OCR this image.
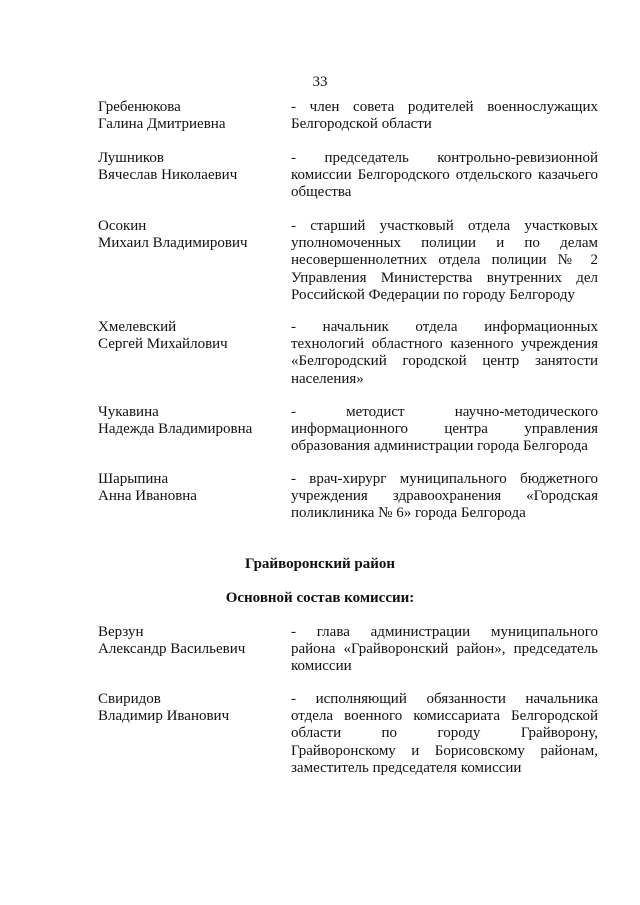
33
Гребенюкова
Галина Дмитриевна
- член совета родителей военнослужащих
Белгородской области
Лушников
Вячеслав Николаевич
- председатель контрольно-ревизионной
комиссии Белгородского отдельского казачьего
общества
Осокин
Михаил Владимирович
- старший участковый отдела участковых
уполномоченных полиции и по делам
несовершеннолетних отдела полиции № 2
Управления Министерства внутренних дел
Российской Федерации по городу Белгороду
Хмелевский
Сергей Михайлович
- начальник отдела информационных
технологий областного казенного учреждения
«Белгородский городской центр занятости
населения»
Чукавина
Надежда Владимировна
- методист научно-методического
информационного центра управления
образования администрации города Белгорода
Шарыпина
Анна Ивановна
- врач-хирург муниципального бюджетного
учреждения здравоохранения «Городская
поликлиника № 6» города Белгорода
Грайворонский район
Основной состав комиссии:
Верзун
Александр Васильевич
- глава администрации муниципального
района «Грайворонский район», председатель
комиссии
Свиридов
Владимир Иванович
- исполняющий обязанности начальника
отдела военного комиссариата Белгородской
области по городу Грайворону,
Грайворонскому и Борисовскому районам,
заместитель председателя комиссии
